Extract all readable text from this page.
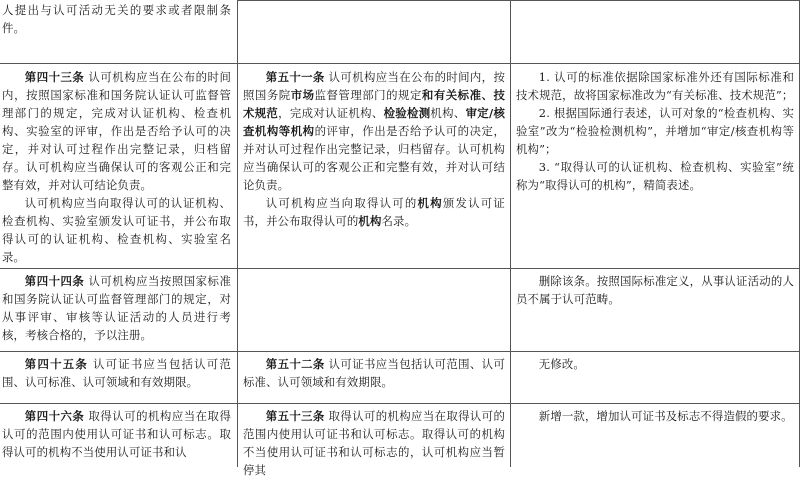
人提出与认可活动无关的要求或者限制条件。

第四十三条 认可机构应当在公布的时间内，按照国家标准和国务院认证认可监督管理部门的规定，完成对认证机构、检查机构、实验室的评审，作出是否给予认可的决定，并对认可过程作出完整记录，归档留存。认可机构应当确保认可的客观公正和完整有效，并对认可结论负责。

认可机构应当向取得认可的认证机构、检查机构、实验室颁发认可证书，并公布取得认可的认证机构、检查机构、实验室名录。

第五十一条 认可机构应当在公布的时间内，按照国务院市场监督管理部门的规定和有关标准、技术规范，完成对认证机构、检验检测机构、审定/核查机构等机构的评审，作出是否给予认可的决定，并对认可过程作出完整记录，归档留存。认可机构应当确保认可的客观公正和完整有效，并对认可结论负责。

认可机构应当向取得认可的机构颁发认可证书，并公布取得认可的机构名录。

1. 认可的标准依据除国家标准外还有国际标准和技术规范，故将国家标准改为“有关标准、技术规范”；

2. 根据国际通行表述，认可对象的“检查机构、实验室”改为“检验检测机构”，并增加“审定/核查机构等机构”；

3. “取得认可的认证机构、检查机构、实验室”统称为“取得认可的机构”，精简表述。

第四十四条 认可机构应当按照国家标准和国务院认证认可监督管理部门的规定，对从事评审、审核等认证活动的人员进行考核，考核合格的，予以注册。

删除该条。按照国际标准定义，从事认证活动的人员不属于认可范畴。

第四十五条 认可证书应当包括认可范围、认可标准、认可领域和有效期限。

第五十二条 认可证书应当包括认可范围、认可标准、认可领域和有效期限。

无修改。

第四十六条 取得认可的机构应当在取得认可的范围内使用认可证书和认可标志。取得认可的机构不当使用认可证书和认

第五十三条 取得认可的机构应当在取得认可的范围内使用认可证书和认可标志。取得认可的机构不当使用认可证书和认可标志的，认可机构应当暂停其

新增一款，增加认可证书及标志不得造假的要求。
